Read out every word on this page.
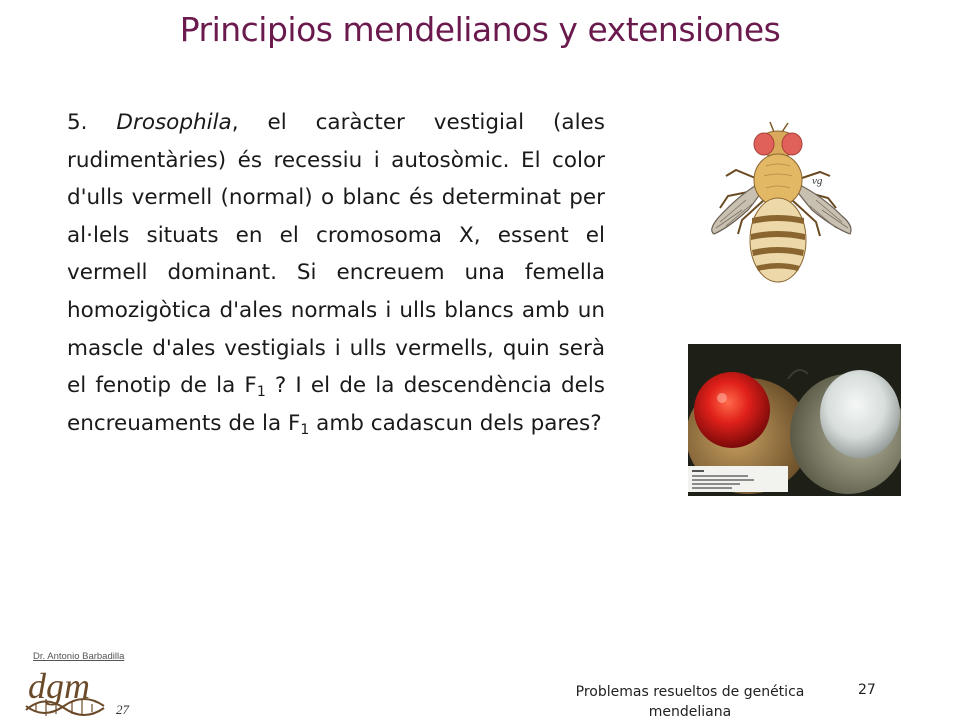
Principios mendelianos y extensiones
5. Drosophila, el caràcter vestigial (ales rudimentàries) és recessiu i autosòmic. El color d'ulls vermell (normal) o blanc és determinat per al·lels situats en el cromosoma X, essent el vermell dominant. Si encreuem una femella homozigòtica d'ales normals i ulls blancs amb un mascle d'ales vestigials i ulls vermells, quin serà el fenotip de la $F_1$ ? I el de la descendència dels encreuaments de la $F_1$ amb cadascun dels pares?
vg
Dr. Antonio Barbadilla
dgm
27
Problemas resueltos de genética mendeliana
27
